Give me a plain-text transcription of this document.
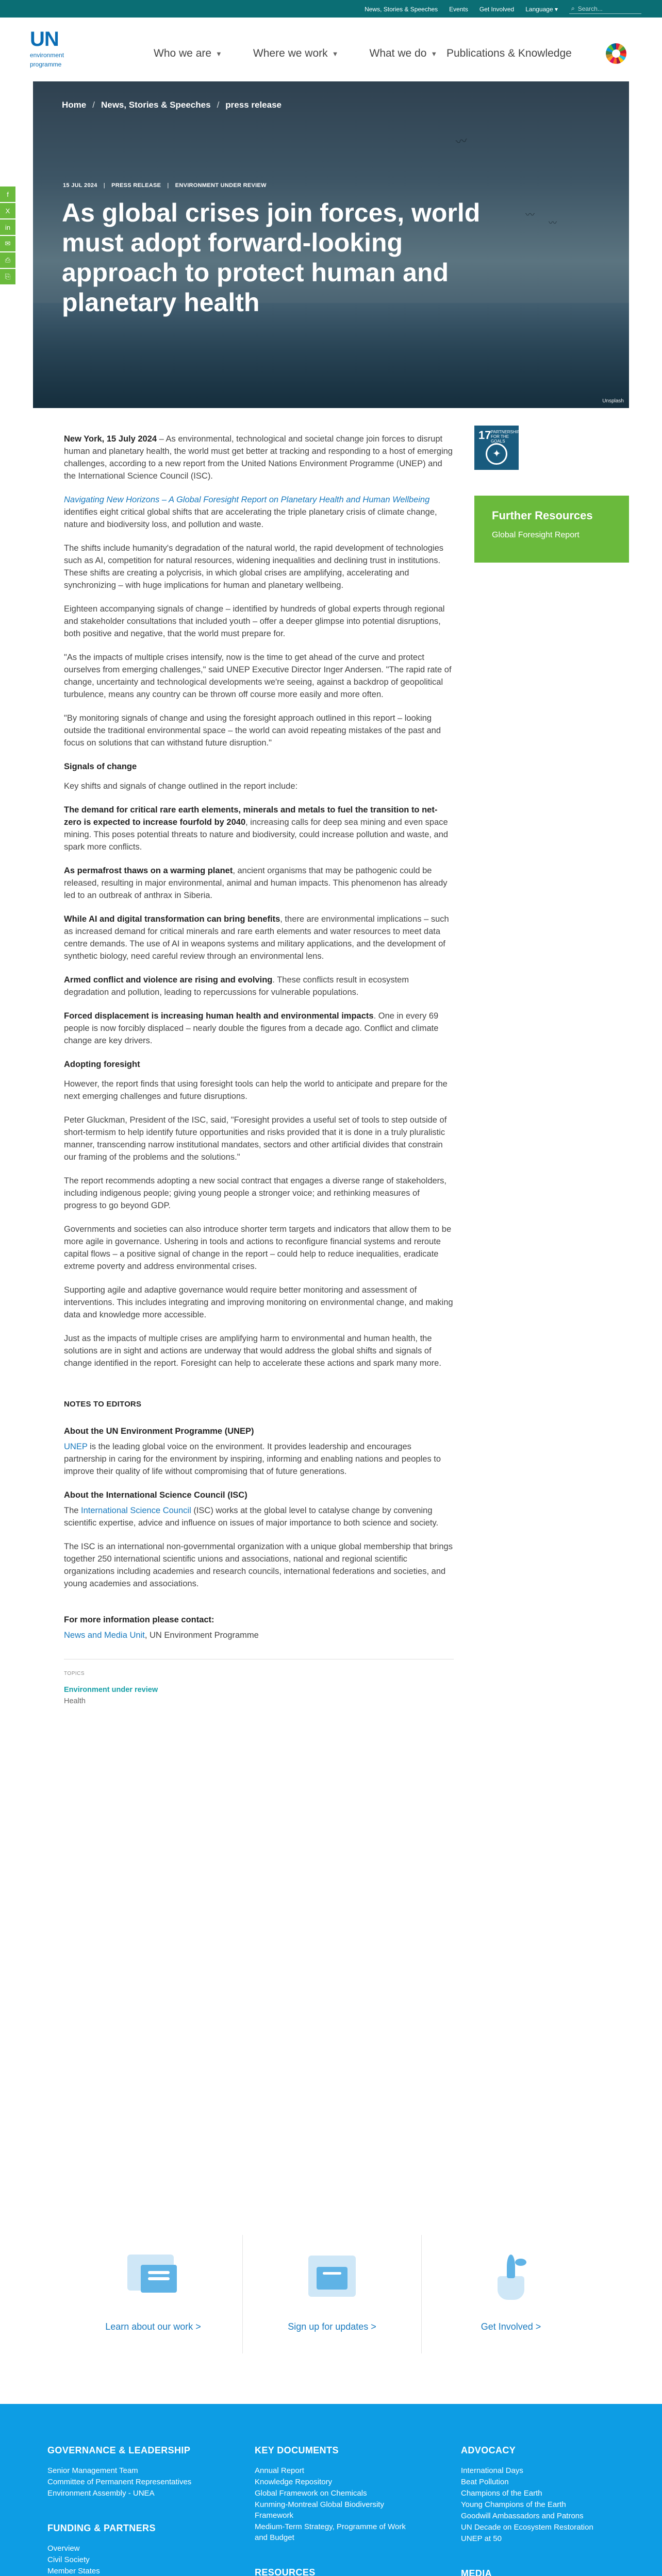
News, Stories & Speeches Events Get Involved Language ▾ ⌕ Search...
UN
environment
programme
Who we are ▼	Where we work ▼	What we do ▼ Publications & Knowledge
〰
〰
〰
Home / News, Stories & Speeches / press release
15 JUL 2024 | PRESS RELEASE | ENVIRONMENT UNDER REVIEW
As global crises join forces, world must adopt forward-looking approach to protect human and planetary health
Unsplash
f
X
in
✉
⎙
⎘
17 PARTNERSHIPS FOR THE GOALS
✦
Further Resources
Global Foresight Report

New York, 15 July 2024 – As environmental, technological and societal change join forces to disrupt human and planetary health, the world must get better at tracking and responding to a host of emerging challenges, according to a new report from the United Nations Environment Programme (UNEP) and the International Science Council (ISC).

Navigating New Horizons – A Global Foresight Report on Planetary Health and Human Wellbeing identifies eight critical global shifts that are accelerating the triple planetary crisis of climate change, nature and biodiversity loss, and pollution and waste.

The shifts include humanity's degradation of the natural world, the rapid development of technologies such as AI, competition for natural resources, widening inequalities and declining trust in institutions. These shifts are creating a polycrisis, in which global crises are amplifying, accelerating and synchronizing – with huge implications for human and planetary wellbeing.

Eighteen accompanying signals of change – identified by hundreds of global experts through regional and stakeholder consultations that included youth – offer a deeper glimpse into potential disruptions, both positive and negative, that the world must prepare for.

"As the impacts of multiple crises intensify, now is the time to get ahead of the curve and protect ourselves from emerging challenges," said UNEP Executive Director Inger Andersen. "The rapid rate of change, uncertainty and technological developments we're seeing, against a backdrop of geopolitical turbulence, means any country can be thrown off course more easily and more often.

"By monitoring signals of change and using the foresight approach outlined in this report – looking outside the traditional environmental space – the world can avoid repeating mistakes of the past and focus on solutions that can withstand future disruption."

Signals of change

Key shifts and signals of change outlined in the report include:

The demand for critical rare earth elements, minerals and metals to fuel the transition to net-zero is expected to increase fourfold by 2040, increasing calls for deep sea mining and even space mining. This poses potential threats to nature and biodiversity, could increase pollution and waste, and spark more conflicts.

As permafrost thaws on a warming planet, ancient organisms that may be pathogenic could be released, resulting in major environmental, animal and human impacts. This phenomenon has already led to an outbreak of anthrax in Siberia.

While AI and digital transformation can bring benefits, there are environmental implications – such as increased demand for critical minerals and rare earth elements and water resources to meet data centre demands. The use of AI in weapons systems and military applications, and the development of synthetic biology, need careful review through an environmental lens.

Armed conflict and violence are rising and evolving. These conflicts result in ecosystem degradation and pollution, leading to repercussions for vulnerable populations.

Forced displacement is increasing human health and environmental impacts. One in every 69 people is now forcibly displaced – nearly double the figures from a decade ago. Conflict and climate change are key drivers.

Adopting foresight

However, the report finds that using foresight tools can help the world to anticipate and prepare for the next emerging challenges and future disruptions.

Peter Gluckman, President of the ISC, said, "Foresight provides a useful set of tools to step outside of short-termism to help identify future opportunities and risks provided that it is done in a truly pluralistic manner, transcending narrow institutional mandates, sectors and other artificial divides that constrain our framing of the problems and the solutions."

The report recommends adopting a new social contract that engages a diverse range of stakeholders, including indigenous people; giving young people a stronger voice; and rethinking measures of progress to go beyond GDP.

Governments and societies can also introduce shorter term targets and indicators that allow them to be more agile in governance. Ushering in tools and actions to reconfigure financial systems and reroute capital flows – a positive signal of change in the report – could help to reduce inequalities, eradicate extreme poverty and address environmental crises.

Supporting agile and adaptive governance would require better monitoring and assessment of interventions. This includes integrating and improving monitoring on environmental change, and making data and knowledge more accessible.

Just as the impacts of multiple crises are amplifying harm to environmental and human health, the solutions are in sight and actions are underway that would address the global shifts and signals of change identified in the report. Foresight can help to accelerate these actions and spark many more.

NOTES TO EDITORS
About the UN Environment Programme (UNEP)

UNEP is the leading global voice on the environment. It provides leadership and encourages partnership in caring for the environment by inspiring, informing and enabling nations and peoples to improve their quality of life without compromising that of future generations.

About the International Science Council (ISC)

The International Science Council (ISC) works at the global level to catalyse change by convening scientific expertise, advice and influence on issues of major importance to both science and society.

The ISC is an international non-governmental organization with a unique global membership that brings together 250 international scientific unions and associations, national and regional scientific organizations including academies and research councils, international federations and societies, and young academies and associations.

For more information please contact:

News and Media Unit, UN Environment Programme

TOPICS
Environment under review
Health
Learn about our work >	Sign up for updates >	Get Involved >
GOVERNANCE & LEADERSHIP
Senior Management Team
Committee of Permanent Representatives
Environment Assembly - UNEA
FUNDING & PARTNERS
Overview
Civil Society
Member States
KEY DOCUMENTS
Annual Report
Knowledge Repository
Global Framework on Chemicals
Kunming-Montreal Global Biodiversity Framework
Medium-Term Strategy, Programme of Work and Budget
RESOURCES
ADVOCACY
International Days
Beat Pollution
Champions of the Earth
Young Champions of the Earth
Goodwill Ambassadors and Patrons
UN Decade on Ecosystem Restoration
UNEP at 50
MEDIA
